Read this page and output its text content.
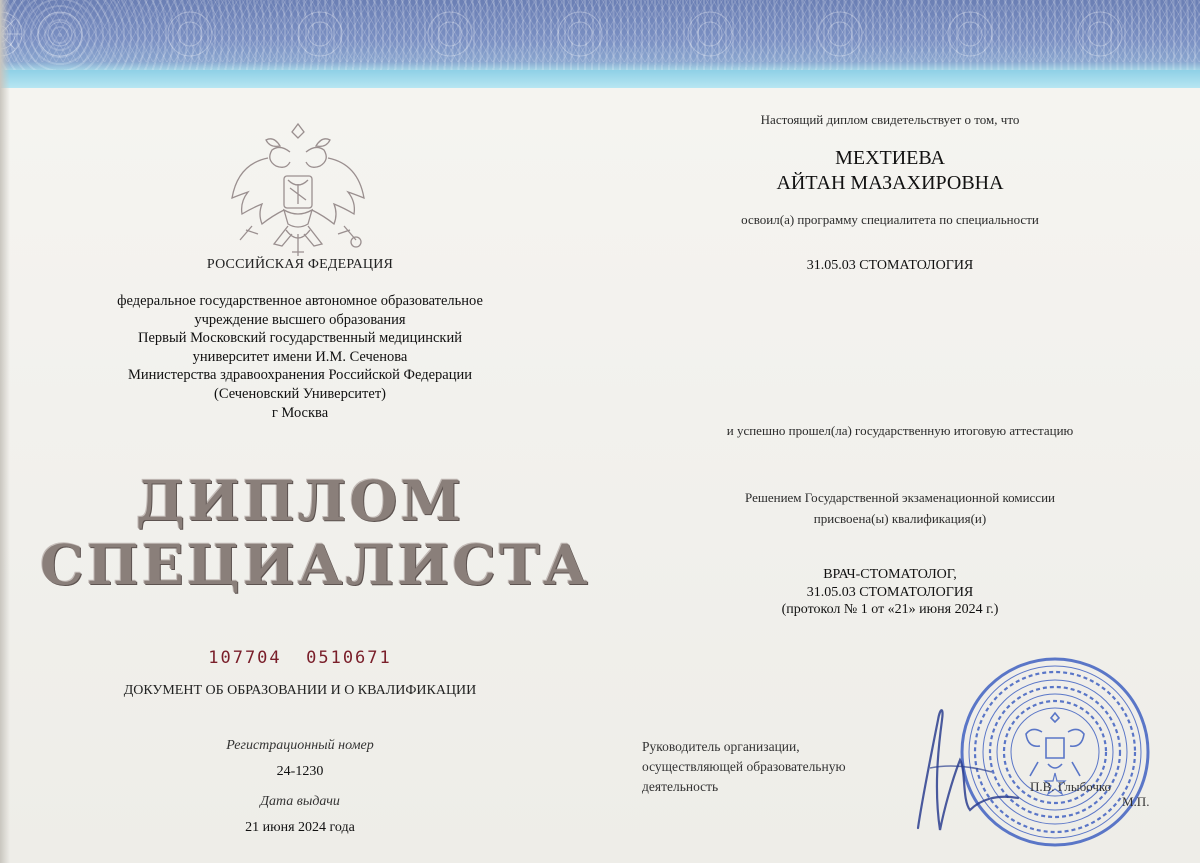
РОССИЙСКАЯ ФЕДЕРАЦИЯ
федеральное государственное автономное образовательное
учреждение высшего образования
Первый Московский государственный медицинский
университет имени И.М. Сеченова
Министерства здравоохранения Российской Федерации
(Сеченовский Университет)
г Москва
ДИПЛОМ
СПЕЦИАЛИСТА
107704  0510671
ДОКУМЕНТ ОБ ОБРАЗОВАНИИ И О КВАЛИФИКАЦИИ
Регистрационный номер
24-1230
Дата выдачи
21 июня 2024 года
Настоящий диплом свидетельствует о том, что
МЕХТИЕВА
АЙТАН МАЗАХИРОВНА
освоил(а) программу специалитета по специальности
31.05.03 СТОМАТОЛОГИЯ
и успешно прошел(ла) государственную итоговую аттестацию
Решением Государственной экзаменационной комиссии
присвоена(ы) квалификация(и)
ВРАЧ-СТОМАТОЛОГ,
31.05.03 СТОМАТОЛОГИЯ
(протокол № 1 от «21» июня 2024 г.)
Руководитель организации,
осуществляющей образовательную
деятельность	П.В. Глыбочко
М.П.
